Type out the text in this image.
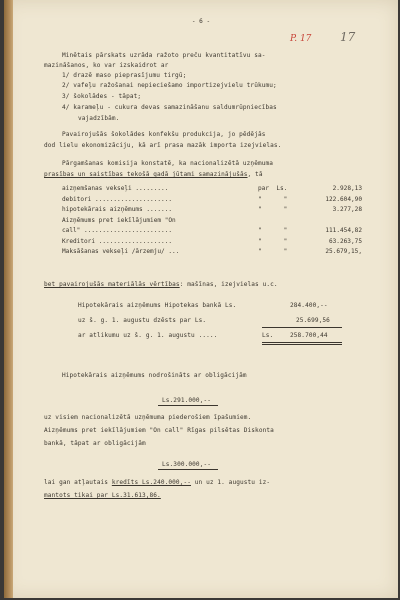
- 6 -
P. 17 17
Minētais pārskats uzrāda ražoto preču kvantitatīvu sa-
mazināšanos, ko var izskaidrot ar
1/ drazē maso pieprasījumu tirgū;
2/ vafeļu ražošanai nepieciešamo importizejvielu trūkumu;
3/ šokolādes - tāpat;
4/ karameļu - cukura devas samazināšanu saldumrūpniecības
vajadzībām.
Pavairojušās šokolādes konfekšu produkcija, jo pēdējās
dod lielu ekonomizāciju, kā arī prasa mazāk importa izejvielas.
Pārgamšanas komisija konstatē, ka nacionalizētā uzņēmuma
prasības un saistības tekošā gadā jūtami samazinājušās, tā
aizņemšanas vekseļi .........	par  Ls.	2.928,13
debitori .....................	"      "	122.604,90
hipotekārais aizņēmums .......	"      "	3.277,28
Aizņēmums pret iekīlājumiem "On
call" ........................	"      "	111.454,82
Kreditori ....................	"      "	63.263,75
Maksāšanas vekseļi /ārzemju/ ...	"      "	25.679,15,
bet pavairojušās materiālās vērtības: mašīnas, izejvielas u.c.
Hipotekārais aizņēmums Hipotekas bankā Ls.	284.400,--
uz š. g. 1. augustu dzēsts par Ls.	25.699,56
ar atlikumu uz š. g. 1. augustu .....	Ls.	258.700,44
Hipotekārais aizņēmums nodrošināts ar obligācijām
Ls.291.000,--
uz visiem nacionalizētā uzņēmuma piederošiem īpašumiem.
Aizņēmums pret iekīlājumiem "On call" Rīgas pilsētas Diskonta
bankā, tāpat ar obligācijām
Ls.300.000,--
lai gan atļautais kredīts Ls.240.000,-- un uz 1. augustu iz-
mantots tikai par Ls.31.613,86.
